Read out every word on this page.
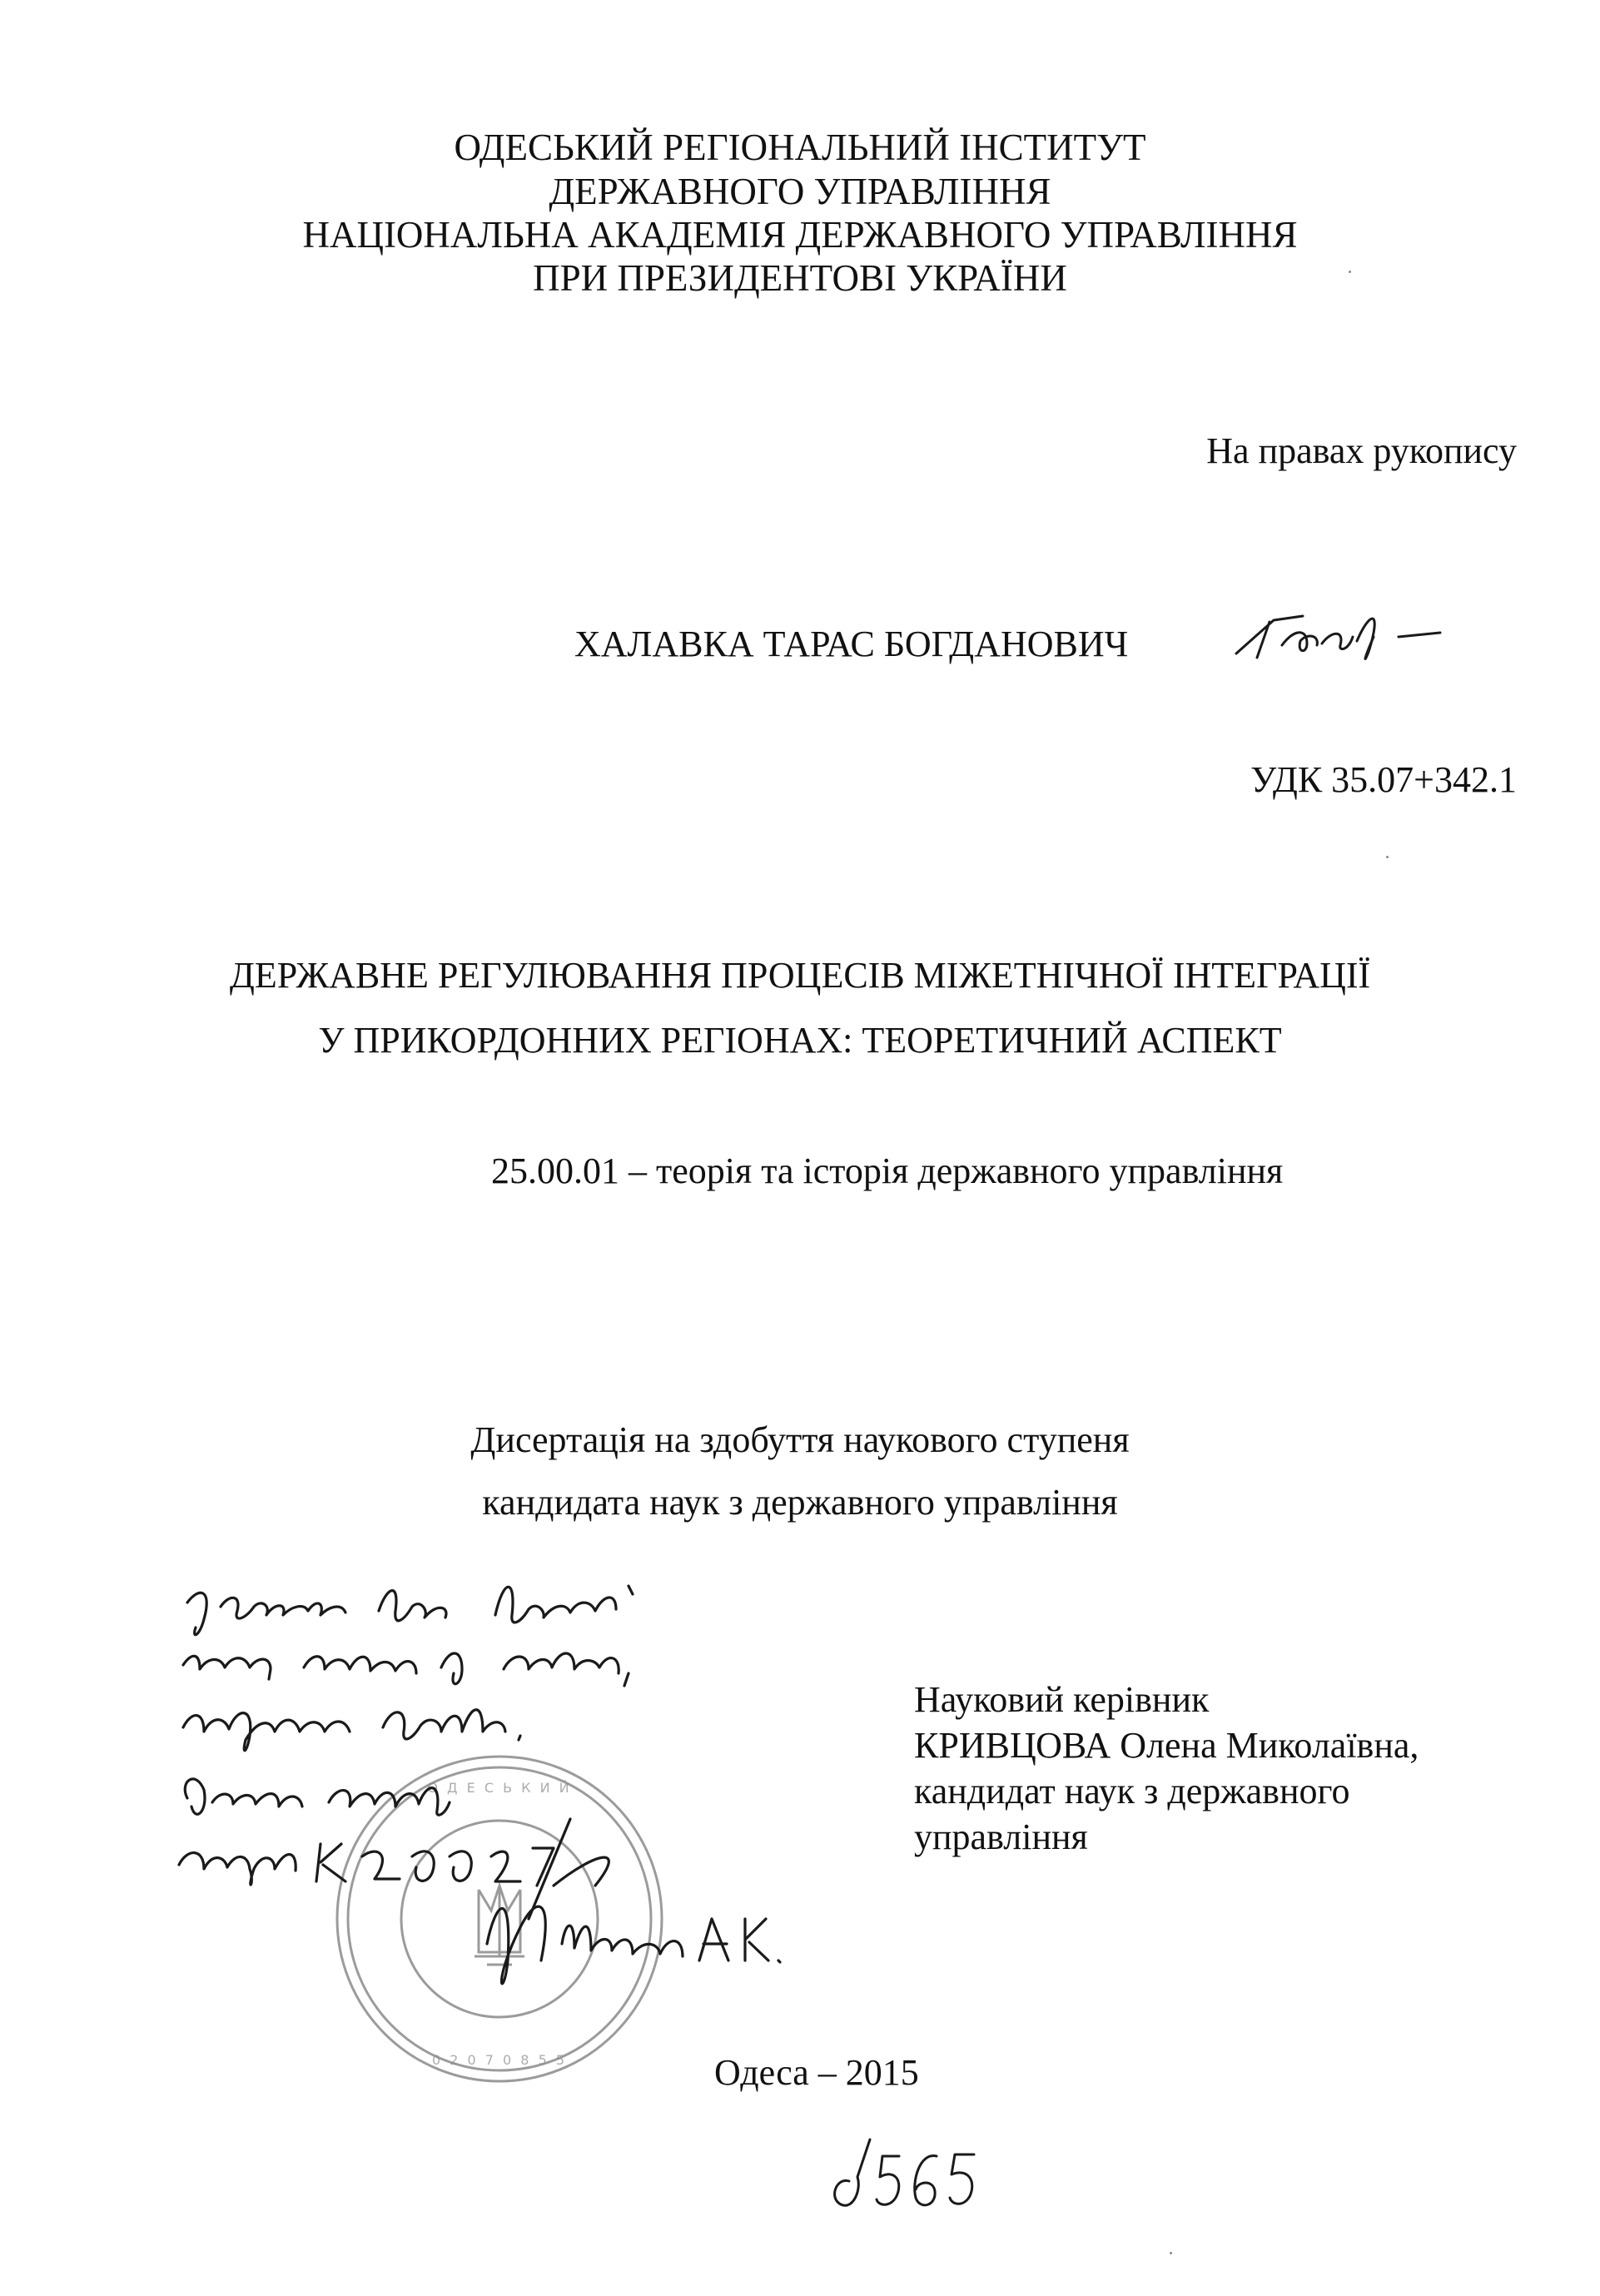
ОДЕСЬКИЙ РЕГІОНАЛЬНИЙ ІНСТИТУТ
ДЕРЖАВНОГО УПРАВЛІННЯ
НАЦІОНАЛЬНА АКАДЕМІЯ ДЕРЖАВНОГО УПРАВЛІННЯ
ПРИ ПРЕЗИДЕНТОВІ УКРАЇНИ
На правах рукопису
ХАЛАВКА ТАРАС БОГДАНОВИЧ
УДК 35.07+342.1
ДЕРЖАВНЕ РЕГУЛЮВАННЯ ПРОЦЕСІВ МІЖЕТНІЧНОЇ ІНТЕГРАЦІЇ
У ПРИКОРДОННИХ РЕГІОНАХ: ТЕОРЕТИЧНИЙ АСПЕКТ
25.00.01 – теорія та історія державного управління
Дисертація на здобуття наукового ступеня
кандидата наук з державного управління
Науковий керівник
КРИВЦОВА Олена Миколаївна,
кандидат наук з державного
управління
О Д Е С Ь К И Й
0 2 0 7 0 8 5 5	Одеса – 2015
